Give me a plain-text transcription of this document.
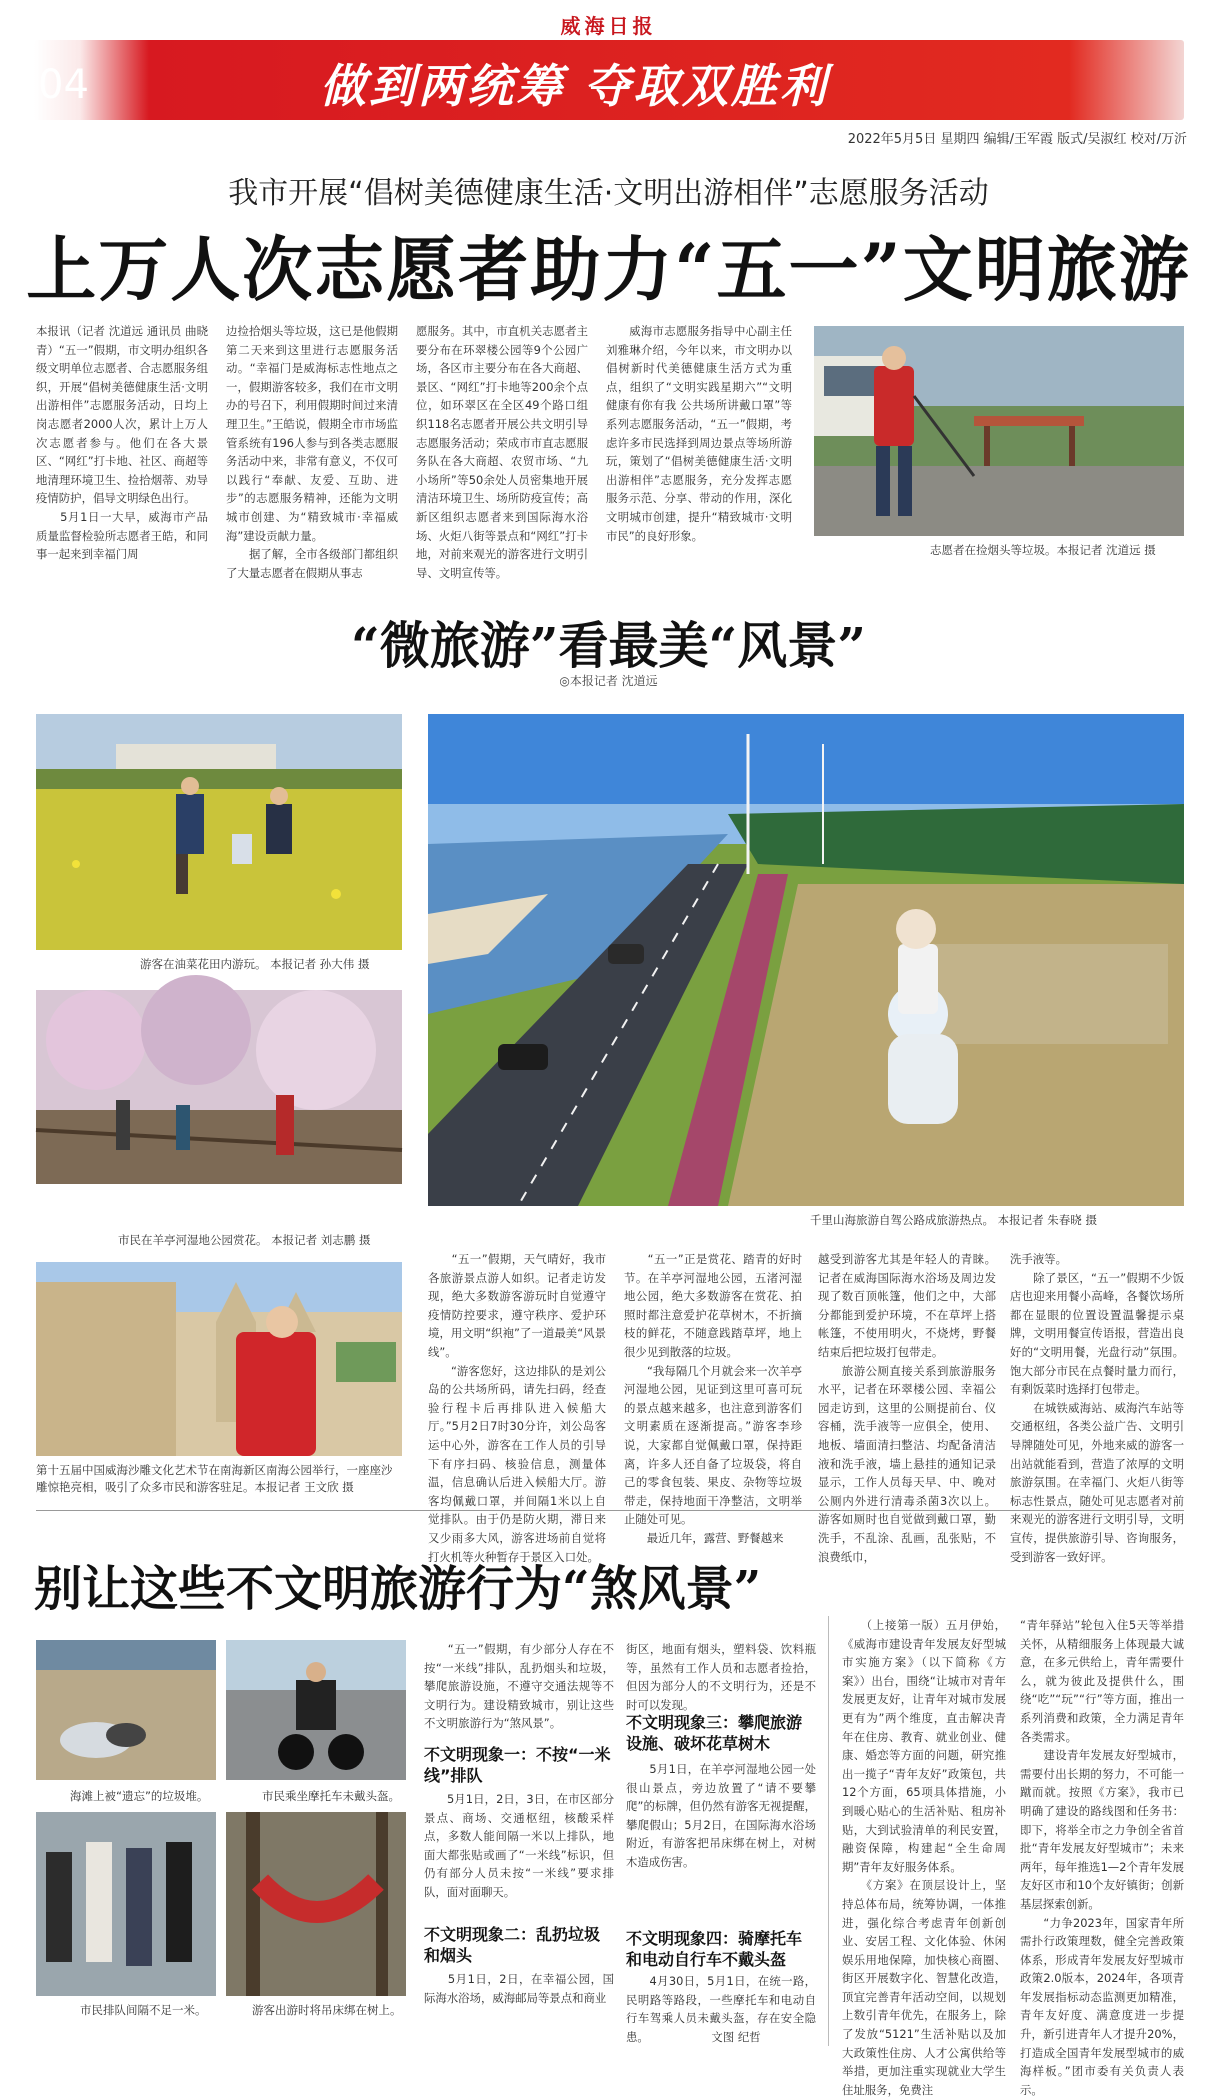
威海日报
04	做到两统筹 夺取双胜利
2022年5月5日 星期四 编辑/王军霞 版式/吴淑红 校对/万沂
我市开展“倡树美德健康生活·文明出游相伴”志愿服务活动
上万人次志愿者助力“五一”文明旅游
本报讯（记者 沈道远 通讯员 曲晓青）“五一”假期，市文明办组织各级文明单位志愿者、合志愿服务组织，开展“倡树美德健康生活·文明出游相伴”志愿服务活动，日均上岗志愿者2000人次，累计上万人次志愿者参与。他们在各大景区、“网红”打卡地、社区、商超等地清理环境卫生、捡拾烟蒂、劝导疫情防护，倡导文明绿色出行。
　　5月1日一大早，威海市产品质量监督检验所志愿者王皓，和同事一起来到幸福门周
边捡拾烟头等垃圾，这已是他假期第二天来到这里进行志愿服务活动。“幸福门是威海标志性地点之一，假期游客较多，我们在市文明办的号召下，利用假期时间过来清理卫生。”王皓说，假期全市市场监管系统有196人参与到各类志愿服务活动中来，非常有意义，不仅可以践行“奉献、友爱、互助、进步”的志愿服务精神，还能为文明城市创建、为“精致城市·幸福威海”建设贡献力量。
　　据了解，全市各级部门都组织了大量志愿者在假期从事志
愿服务。其中，市直机关志愿者主要分布在环翠楼公园等9个公园广场，各区市主要分布在各大商超、景区、“网红”打卡地等200余个点位，如环翠区在全区49个路口组织118名志愿者开展公共文明引导志愿服务活动；荣成市市直志愿服务队在各大商超、农贸市场、“九小场所”等50余处人员密集地开展清洁环境卫生、场所防疫宣传；高新区组织志愿者来到国际海水浴场、火炬八街等景点和“网红”打卡地，对前来观光的游客进行文明引导、文明宣传等。
　　威海市志愿服务指导中心副主任刘雅琳介绍，今年以来，市文明办以倡树新时代美德健康生活方式为重点，组织了“文明实践星期六”“文明健康有你有我 公共场所讲戴口罩”等系列志愿服务活动，“五一”假期，考虑许多市民选择到周边景点等场所游玩，策划了“倡树美德健康生活·文明出游相伴”志愿服务，充分发挥志愿服务示范、分享、带动的作用，深化文明城市创建，提升“精致城市·文明市民”的良好形象。
志愿者在捡烟头等垃圾。本报记者 沈道远 摄
“微旅游”看最美“风景”
◎本报记者 沈道远
游客在油菜花田内游玩。 本报记者 孙大伟 摄
市民在羊亭河湿地公园赏花。 本报记者 刘志鹏 摄
千里山海旅游自驾公路成旅游热点。 本报记者 朱春晓 摄
第十五届中国威海沙雕文化艺术节在南海新区南海公园举行，一座座沙雕惊艳亮相，吸引了众多市民和游客驻足。本报记者 王文欣 摄
　　“五一”假期，天气晴好，我市各旅游景点游人如织。记者走访发现，绝大多数游客游玩时自觉遵守疫情防控要求，遵守秩序、爱护环境，用文明“织袍”了一道最美“风景线”。
　　“游客您好，这边排队的是刘公岛的公共场所码，请先扫码，经查验行程卡后再排队进入候船大厅。”5月2日7时30分许，刘公岛客运中心外，游客在工作人员的引导下有序扫码、核验信息，测量体温，信息确认后进入候船大厅。游客均佩戴口罩，并间隔1米以上自觉排队。由于仍是防火期，滞日来又少雨多大风，游客进场前自觉将打火机等火种暂存于景区入口处。
　　“五一”正是赏花、踏青的好时节。在羊亭河湿地公园，五渚河湿地公园，绝大多数游客在赏花、拍照时都注意爱护花草树木，不折摘枝的鲜花，不随意践踏草坪，地上很少见到散落的垃圾。
　　“我每隔几个月就会来一次羊亭河湿地公园，见证到这里可喜可玩的景点越来越多，也注意到游客们文明素质在逐渐提高。”游客李珍说，大家都自觉佩戴口罩，保持距离，许多人还自备了垃圾袋，将自己的零食包装、果皮、杂物等垃圾带走，保持地面干净整洁，文明举止随处可见。
　　最近几年，露营、野餐越来
越受到游客尤其是年轻人的青睐。记者在威海国际海水浴场及周边发现了数百顶帐篷，他们之中，大部分都能到爱护环境，不在草坪上搭帐篷，不使用明火，不烧烤，野餐结束后把垃圾打包带走。
　　旅游公厕直接关系到旅游服务水平，记者在环翠楼公园、幸福公园走访到，这里的公厕提前台、仪容桶，洗手液等一应俱全，使用、地板、墙面清扫整洁、均配备清洁液和洗手液，墙上悬挂的通知记录显示，工作人员每天早、中、晚对公厕内外进行清毒杀菌3次以上。游客如厕时也自觉做到戴口罩，勤洗手，不乱涂、乱画，乱张贴，不浪费纸巾，
洗手液等。
　　除了景区，“五一”假期不少饭店也迎来用餐小高峰，各餐饮场所都在显眼的位置设置温馨提示桌牌，文明用餐宣传语报，营造出良好的“文明用餐，光盘行动”氛围。饱大部分市民在点餐时量力而行，有剩饭菜时选择打包带走。
　　在城铁威海站、威海汽车站等交通枢纽，各类公益广告、文明引导牌随处可见，外地来威的游客一出站就能看到，营造了浓厚的文明旅游氛围。在幸福门、火炬八街等标志性景点，随处可见志愿者对前来观光的游客进行文明引导，文明宣传，提供旅游引导、咨询服务，受到游客一致好评。
别让这些不文明旅游行为“煞风景”
海滩上被“遗忘”的垃圾堆。	市民乘坐摩托车未戴头盔。
市民排队间隔不足一米。	游客出游时将吊床绑在树上。
　　“五一”假期，有少部分人存在不按“一米线”排队，乱扔烟头和垃圾，攀爬旅游设施，不遵守交通法规等不文明行为。建设精致城市，别让这些不文明旅游行为“煞风景”。
不文明现象一：不按“一米线”排队
　　5月1日，2日，3日，在市区部分景点、商场、交通枢纽，核酸采样点，多数人能间隔一米以上排队，地面大都张贴或画了“一米线”标识，但仍有部分人员未按“一米线”要求排队，面对面聊天。
不文明现象二：乱扔垃圾和烟头
　　5月1日，2日，在幸福公园，国际海水浴场，威海邮局等景点和商业
街区，地面有烟头，塑料袋、饮料瓶等，虽然有工作人员和志愿者捡拾，但因为部分人的不文明行为，还是不时可以发现。
不文明现象三：攀爬旅游设施、破坏花草树木
　　5月1日，在羊亭河湿地公园一处很山景点，旁边放置了“请不要攀爬”的标牌，但仍然有游客无视提醒，攀爬假山；5月2日，在国际海水浴场附近，有游客把吊床绑在树上，对树木造成伤害。
不文明现象四：骑摩托车和电动自行车不戴头盔
　　4月30日，5月1日，在统一路，民明路等路段，一些摩托车和电动自行车驾乘人员未戴头盔，存在安全隐患。　　　　　　文图 纪哲
　　（上接第一版）五月伊始，《威海市建设青年发展友好型城市实施方案》（以下简称《方案》）出台，围绕“让城市对青年发展更友好，让青年对城市发展更有为”两个维度，直击解决青年在住房、教育、就业创业、健康、婚恋等方面的问题，研究推出一揽子“青年友好”政策包，共12个方面，65项具体措施，小到暖心贴心的生活补贴、租房补贴，大到试验清单的利民安置，融资保障，构建起“全生命周期”青年友好服务体系。
　　《方案》在顶层设计上，坚持总体布局，统筹协调，一体推进，强化综合考虑青年创新创业、安居工程、文化体验、休闲娱乐用地保障，加快核心商圈、街区开展数字化、智慧化改造，顶宜完善青年活动空间，以规划上数引青年优先，在服务上，除了发放“5121”生活补贴以及加大政策性住房、人才公寓供给等举措，更加注重实现就业大学生住址服务，免费注
“青年驿站”轮包入住5天等举措关怀，从精细服务上体现最大诚意，在多元供给上，青年需要什么，就为彼此及提供什么，围绕“吃”“玩”“行”等方面，推出一系列消费和政策，全力满足青年各类需求。
　　建设青年发展友好型城市，需要付出长期的努力，不可能一蹴而就。按照《方案》，我市已明确了建设的路线图和任务书：即下，将举全市之力争创全省首批“青年发展友好型城市”；未来两年，每年推选1—2个青年发展友好区市和10个友好镇街；创新基层探索创新。
　　“力争2023年，国家青年所需扑行政策理数，健全完善政策体系，形成青年发展友好型城市政策2.0版本，2024年，各项青年发展指标动态监测更加精准，青年友好度、满意度进一步提升，新引进青年人才提升20%，打造成全国青年发展型城市的威海样板。”团市委有关负责人表示。
